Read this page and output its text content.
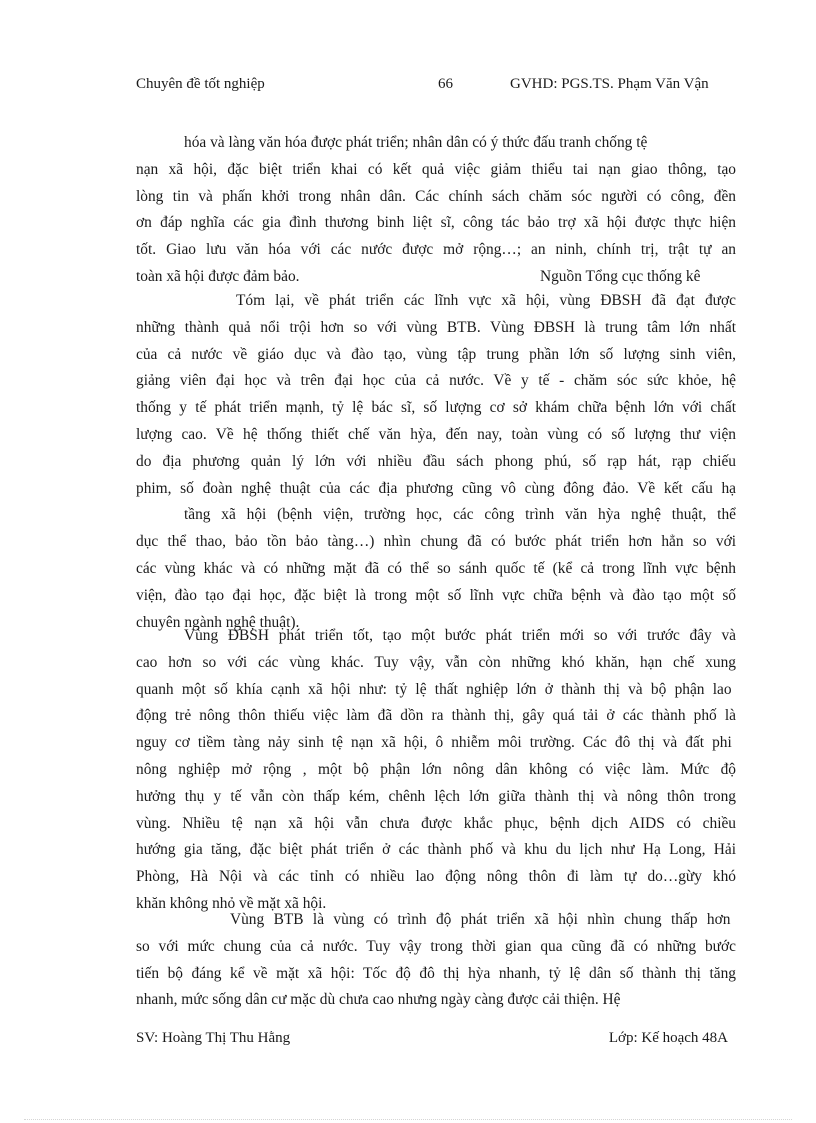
Chuyên đề tốt nghiệp	66	GVHD: PGS.TS. Phạm Văn Vận
hóa và làng văn hóa được phát triển; nhân dân có ý thức đấu tranh chống tệ
nạn xã hội, đặc biệt triển khai có kết quả việc giảm thiểu tai nạn giao thông, tạo
lòng tin và phấn khởi trong nhân dân. Các chính sách chăm sóc người có công, đền
ơn đáp nghĩa các gia đình thương binh liệt sĩ, công tác bảo trợ xã hội được thực hiện
tốt. Giao lưu văn hóa với các nước được mở rộng…; an ninh, chính trị, trật tự an
toàn xã hội được đảm bảo.	Nguồn Tổng cục thống kê
Tóm lại, về phát triển các lĩnh vực xã hội, vùng ĐBSH đã đạt được
những thành quả nổi trội hơn so với vùng BTB. Vùng ĐBSH là trung tâm lớn nhất
của cả nước về giáo dục và đào tạo, vùng tập trung phần lớn số lượng sinh viên,
giảng viên đại học và trên đại học của cả nước. Về y tế - chăm sóc sức khỏe, hệ
thống y tế phát triển mạnh, tỷ lệ bác sĩ, số lượng cơ sở khám chữa bệnh lớn với chất
lượng cao. Về hệ thống thiết chế văn hỳa, đến nay, toàn vùng có số lượng thư viện
do địa phương quản lý lớn với nhiều đầu sách phong phú, số rạp hát, rạp chiếu
phim, số đoàn nghệ thuật của các địa phương cũng vô cùng đông đảo. Về kết cấu hạ
tầng xã hội (bệnh viện, trường học, các công trình văn hỳa nghệ thuật, thể
dục thể thao, bảo tồn bảo tàng…) nhìn chung đã có bước phát triển hơn hẳn so với
các vùng khác và có những mặt đã có thể so sánh quốc tế (kể cả trong lĩnh vực bệnh
viện, đào tạo đại học, đặc biệt là trong một số lĩnh vực chữa bệnh và đào tạo một số
chuyên ngành nghệ thuật).
Vùng ĐBSH phát triển tốt, tạo một bước phát triển mới so với trước đây và
cao hơn so với các vùng khác. Tuy vậy, vẫn còn những khó khăn, hạn chế xung
quanh một số khía cạnh xã hội như: tỷ lệ thất nghiệp lớn ở thành thị và bộ phận lao
động trẻ nông thôn thiếu việc làm đã dồn ra thành thị, gây quá tải ở các thành phố là
nguy cơ tiềm tàng nảy sinh tệ nạn xã hội, ô nhiễm môi trường. Các đô thị và đất phi
nông nghiệp mở rộng , một bộ phận lớn nông dân không có việc làm. Mức độ
hưởng thụ y tế vẫn còn thấp kém, chênh lệch lớn giữa thành thị và nông thôn trong
vùng. Nhiều tệ nạn xã hội vẫn chưa được khắc phục, bệnh dịch AIDS có chiều
hướng gia tăng, đặc biệt phát triển ở các thành phố và khu du lịch như Hạ Long, Hải
Phòng, Hà Nội và các tỉnh có nhiều lao động nông thôn đi làm tự do…gừy khó
khăn không nhỏ về mặt xã hội.
Vùng BTB là vùng có trình độ phát triển xã hội nhìn chung thấp hơn
so với mức chung của cả nước. Tuy vậy trong thời gian qua cũng đã có những bước
tiến bộ đáng kể về mặt xã hội: Tốc độ đô thị hỳa nhanh, tỷ lệ dân số thành thị tăng
nhanh, mức sống dân cư mặc dù chưa cao nhưng ngày càng được cải thiện. Hệ
SV: Hoàng Thị Thu Hằng	Lớp: Kế hoạch 48A
